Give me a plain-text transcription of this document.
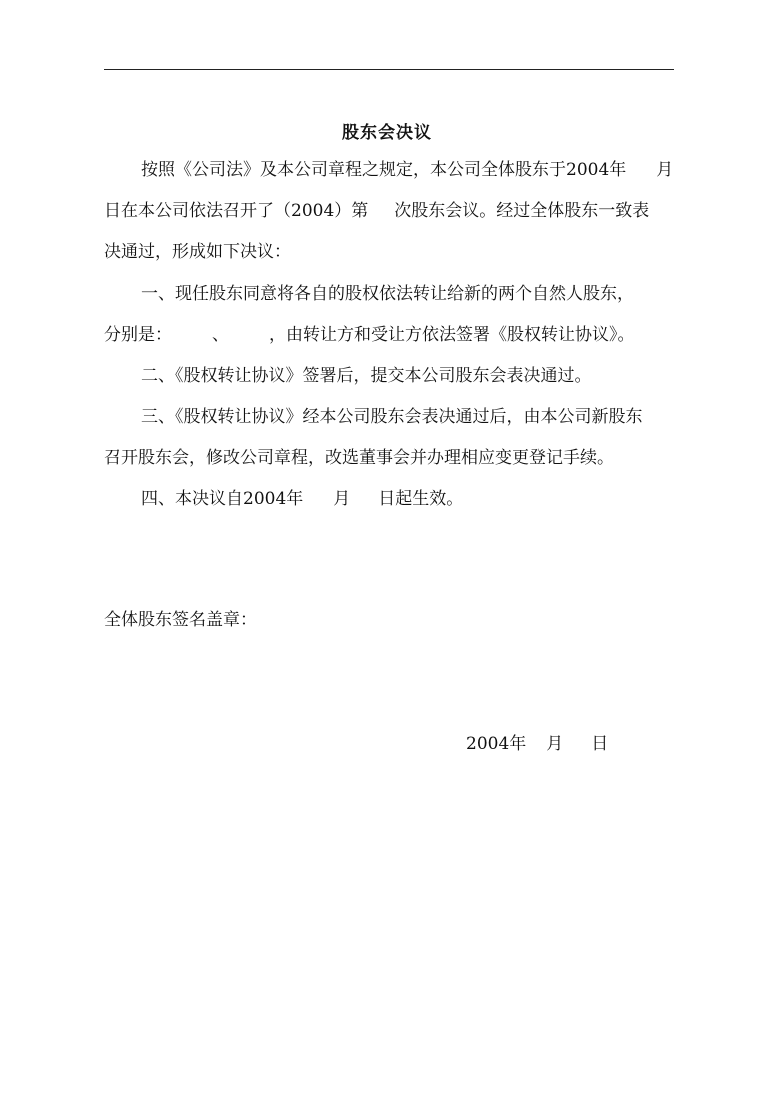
股东会决议
按照《公司法》及本公司章程之规定，本公司全体股东于2004年 月
日在本公司依法召开了（2004）第 次股东会议。经过全体股东一致表
决通过，形成如下决议：
一、现任股东同意将各自的股权依法转让给新的两个自然人股东，
分别是： 、 ，由转让方和受让方依法签署《股权转让协议》。
二、《股权转让协议》签署后，提交本公司股东会表决通过。
三、《股权转让协议》经本公司股东会表决通过后，由本公司新股东
召开股东会，修改公司章程，改选董事会并办理相应变更登记手续。
四、本决议自2004年 月 日起生效。
全体股东签名盖章：
2004年 月 日
